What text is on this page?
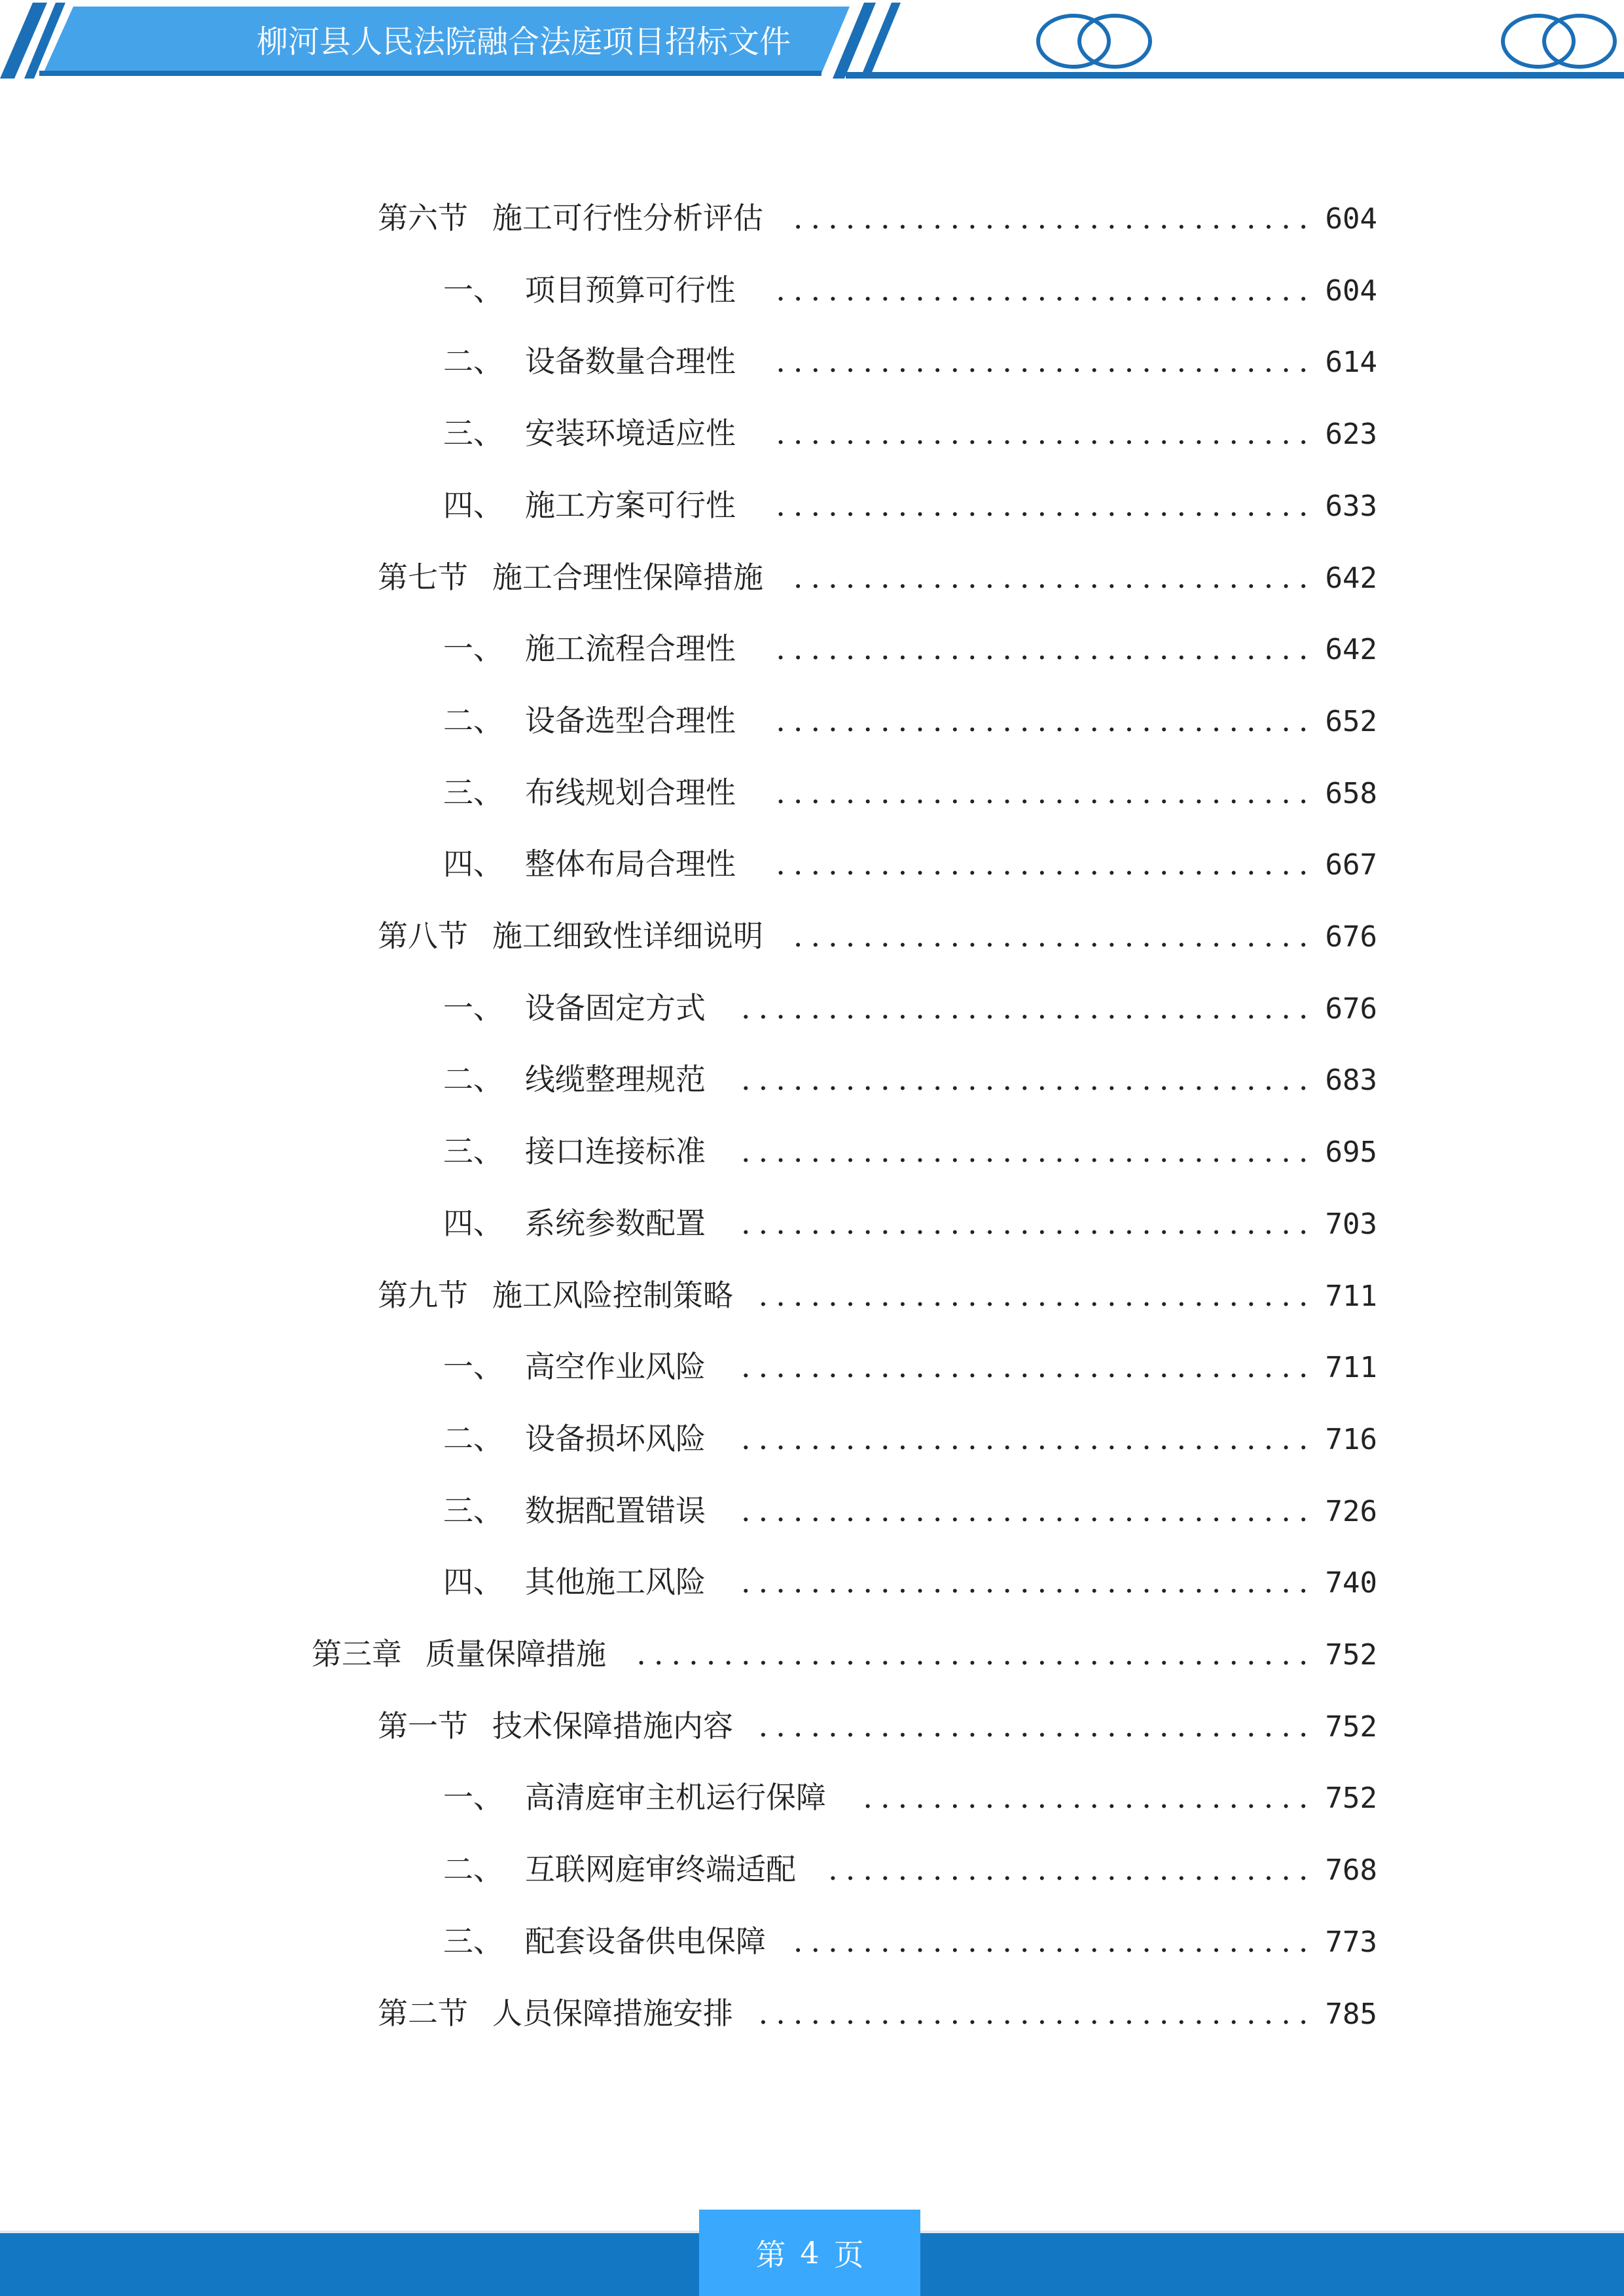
柳河县人民法院融合法庭项目招标文件
第六节 施工可行性分析评估 .............................. 604
一、 项目预算可行性	............................... 604
二、 设备数量合理性	............................... 614
三、 安装环境适应性	............................... 623
四、 施工方案可行性	............................... 633
第七节 施工合理性保障措施 .............................. 642
一、 施工流程合理性	............................... 642
二、 设备选型合理性	............................... 652
三、 布线规划合理性	............................... 658
四、 整体布局合理性	............................... 667
第八节 施工细致性详细说明 .............................. 676
一、 设备固定方式	................................. 676
二、 线缆整理规范	................................. 683
三、 接口连接标准	................................. 695
四、 系统参数配置	................................. 703
第九节 施工风险控制策略 ................................ 711
一、 高空作业风险	................................. 711
二、 设备损坏风险	................................. 716
三、 数据配置错误	................................. 726
四、 其他施工风险	................................. 740
第三章 质量保障措施	....................................... 752
第一节 技术保障措施内容 ................................ 752
一、 高清庭审主机运行保障	.......................... 752
二、 互联网庭审终端适配	............................ 768
三、 配套设备供电保障 .............................. 773
第二节 人员保障措施安排 ................................ 785
第 4 页
